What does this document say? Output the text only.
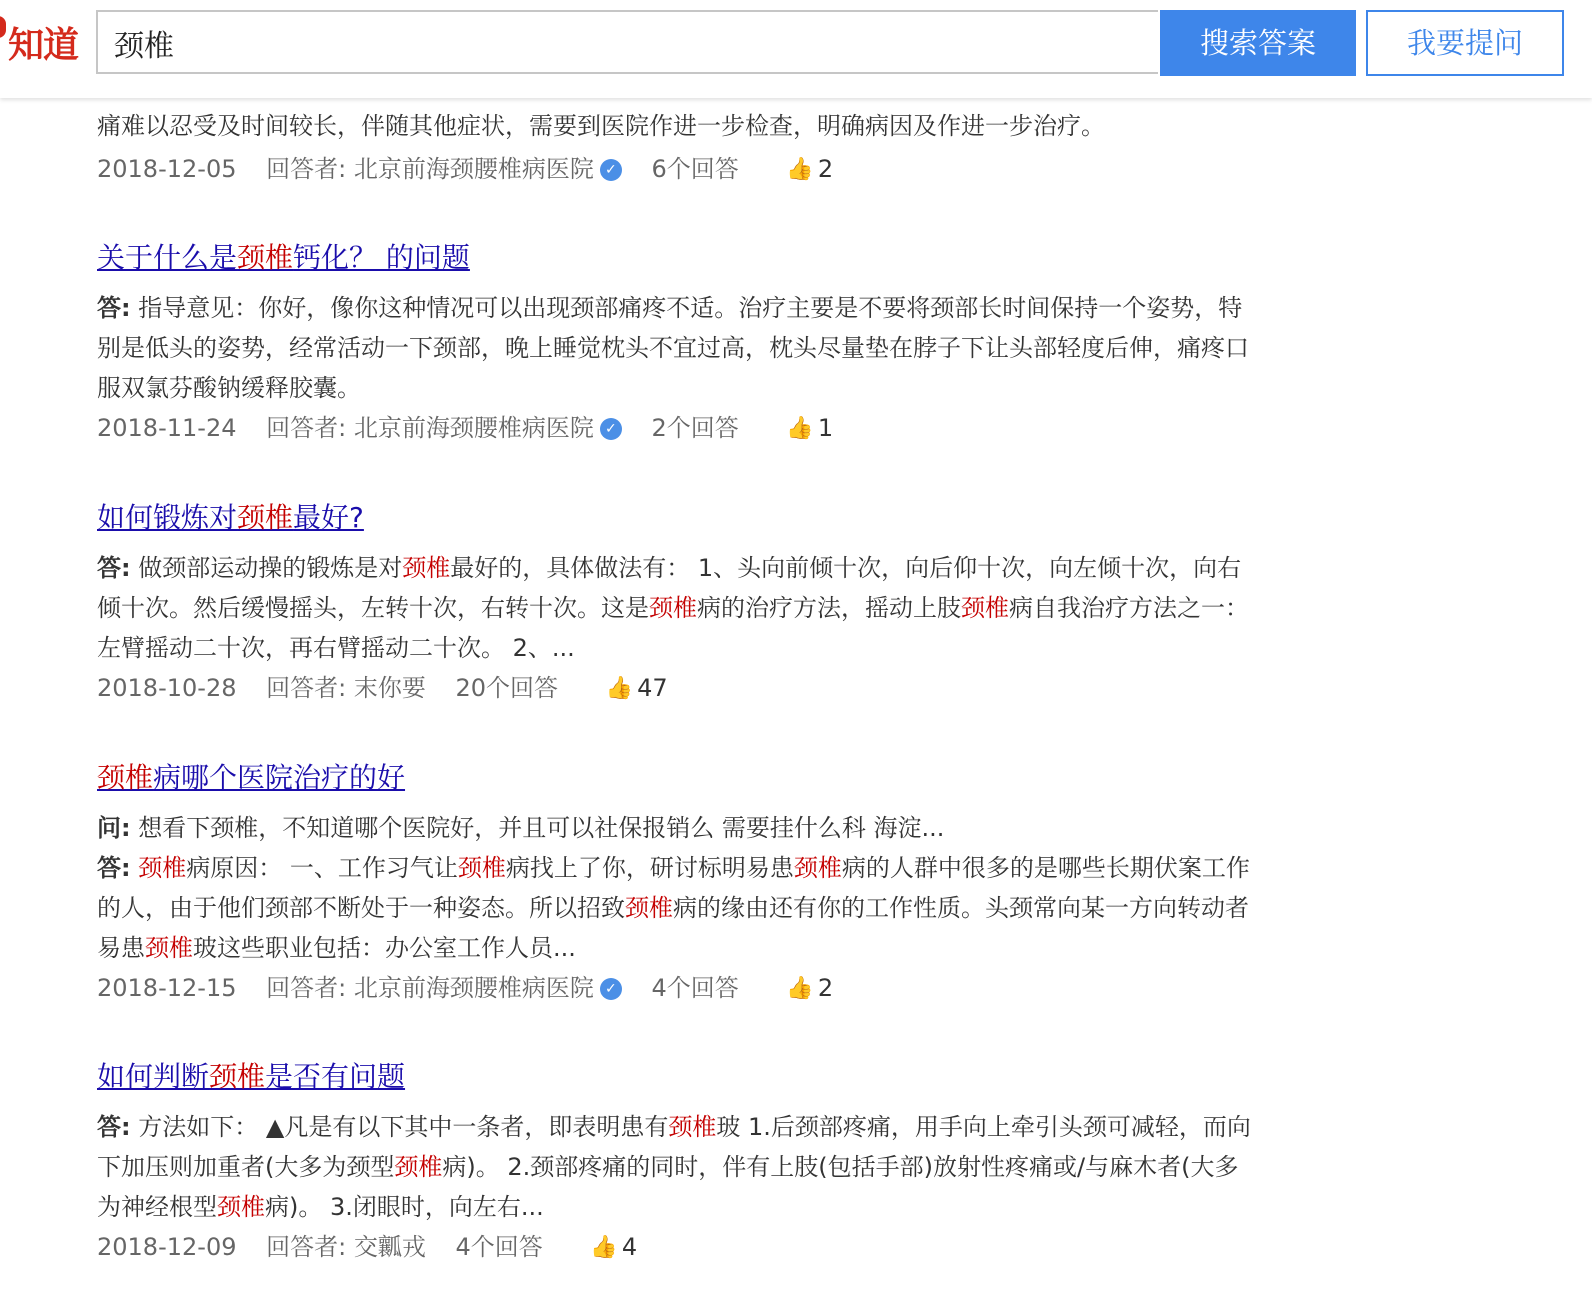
知道
颈椎	搜索答案	我要提问
痛难以忍受及时间较长，伴随其他症状，需要到医院作进一步检查，明确病因及作进一步治疗。
2018-12-05 回答者: 北京前海颈腰椎病医院 ✓ 6个回答 👍 2
关于什么是颈椎钙化？ 的问题
答: 指导意见：你好，像你这种情况可以出现颈部痛疼不适。治疗主要是不要将颈部长时间保持一个姿势，特别是低头的姿势，经常活动一下颈部，晚上睡觉枕头不宜过高，枕头尽量垫在脖子下让头部轻度后伸，痛疼口服双氯芬酸钠缓释胶囊。
2018-11-24 回答者: 北京前海颈腰椎病医院 ✓ 2个回答 👍 1
如何锻炼对颈椎最好?
答: 做颈部运动操的锻炼是对颈椎最好的，具体做法有： 1、头向前倾十次，向后仰十次，向左倾十次，向右倾十次。然后缓慢摇头，左转十次，右转十次。这是颈椎病的治疗方法，摇动上肢颈椎病自我治疗方法之一：左臂摇动二十次，再右臂摇动二十次。 2、...
2018-10-28 回答者: 末你要 20个回答 👍 47
颈椎病哪个医院治疗的好
问: 想看下颈椎，不知道哪个医院好，并且可以社保报销么 需要挂什么科 海淀...
答: 颈椎病原因： 一、工作习气让颈椎病找上了你，研讨标明易患颈椎病的人群中很多的是哪些长期伏案工作的人，由于他们颈部不断处于一种姿态。所以招致颈椎病的缘由还有你的工作性质。头颈常向某一方向转动者易患颈椎玻这些职业包括：办公室工作人员...
2018-12-15 回答者: 北京前海颈腰椎病医院 ✓ 4个回答 👍 2
如何判断颈椎是否有问题
答: 方法如下： ▲凡是有以下其中一条者，即表明患有颈椎玻 1.后颈部疼痛，用手向上牵引头颈可减轻，而向下加压则加重者(大多为颈型颈椎病)。 2.颈部疼痛的同时，伴有上肢(包括手部)放射性疼痛或/与麻木者(大多为神经根型颈椎病)。 3.闭眼时，向左右...
2018-12-09 回答者: 交瓤戎 4个回答 👍 4
